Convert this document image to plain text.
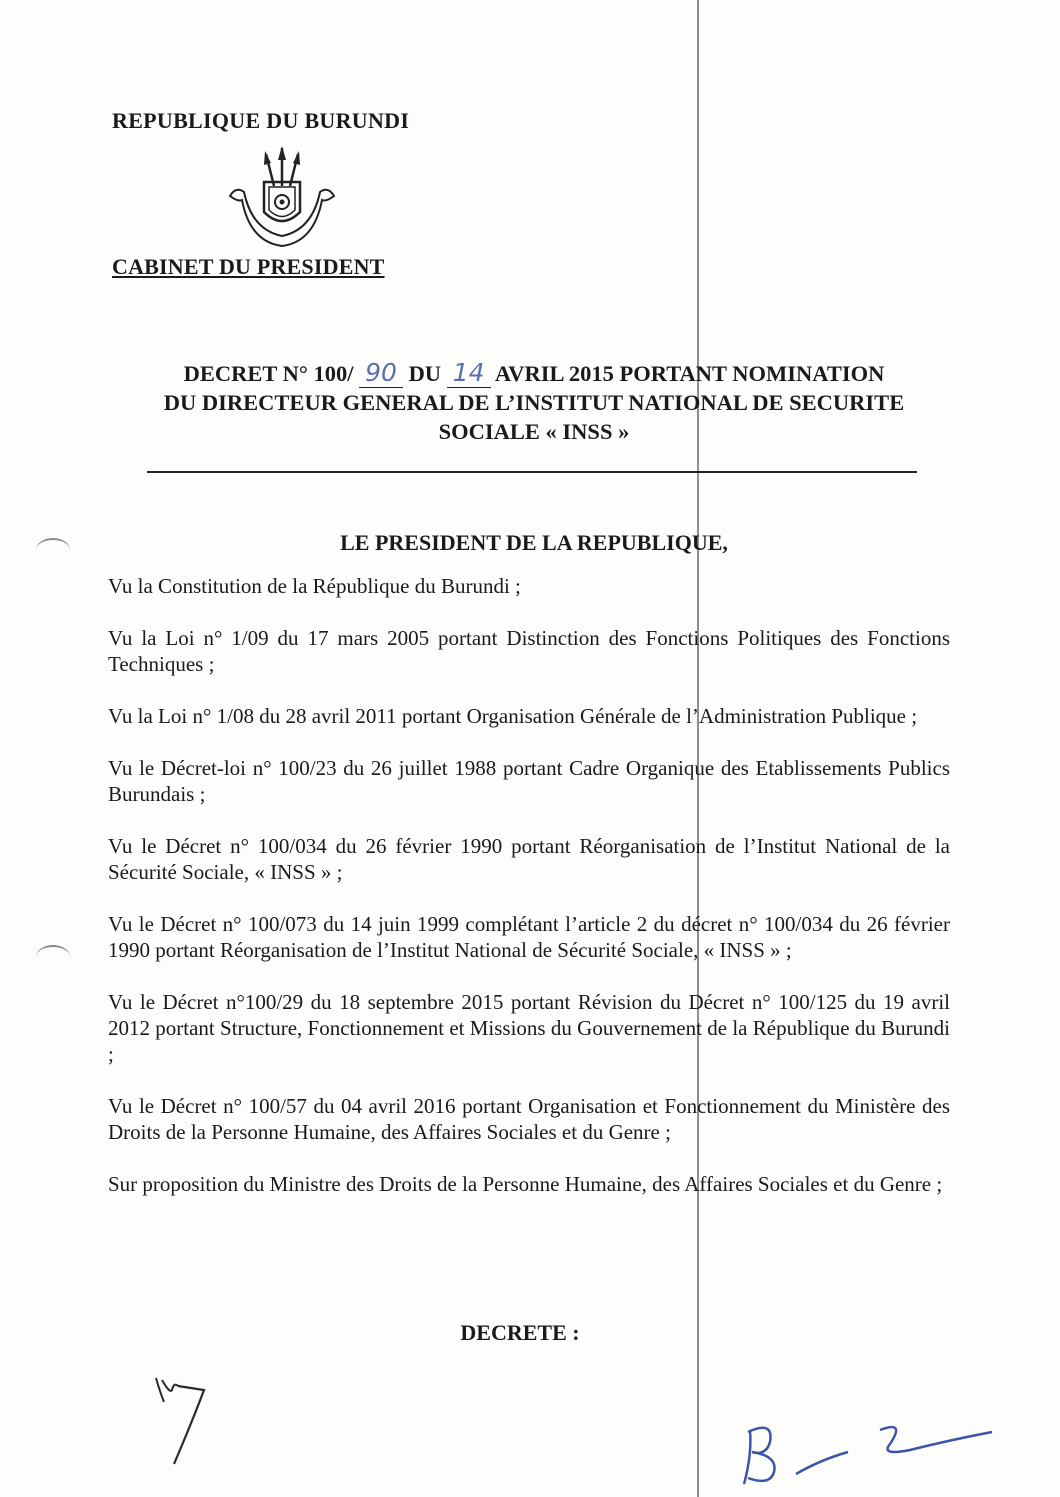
REPUBLIQUE DU BURUNDI
CABINET DU PRESIDENT
DECRET N° 100/ 90 DU 14 AVRIL 2015 PORTANT NOMINATION
DU DIRECTEUR GENERAL DE L’INSTITUT NATIONAL DE SECURITE
SOCIALE « INSS »
LE PRESIDENT DE LA REPUBLIQUE,

Vu la Constitution de la République du Burundi ;

Vu la Loi n° 1/09 du 17 mars 2005 portant Distinction des Fonctions Politiques des Fonctions Techniques ;

Vu la Loi n° 1/08 du 28 avril 2011 portant Organisation Générale de l’Administration Publique ;

Vu le Décret-loi n° 100/23 du 26 juillet 1988 portant Cadre Organique des Etablissements Publics Burundais ;

Vu le Décret n° 100/034 du 26 février 1990 portant Réorganisation de l’Institut National de la Sécurité Sociale, « INSS » ;

Vu le Décret n° 100/073 du 14 juin 1999 complétant l’article 2 du décret n° 100/034 du 26 février 1990 portant Réorganisation de l’Institut National de Sécurité Sociale, « INSS » ;

Vu le Décret n°100/29 du 18 septembre 2015 portant Révision du Décret n° 100/125 du 19 avril 2012 portant Structure, Fonctionnement et Missions du Gouvernement de la République du Burundi ;

Vu le Décret n° 100/57 du 04 avril 2016 portant Organisation et Fonctionnement du Ministère des Droits de la Personne Humaine, des Affaires Sociales et du Genre ;

Sur proposition du Ministre des Droits de la Personne Humaine, des Affaires Sociales et du Genre ;

DECRETE :
